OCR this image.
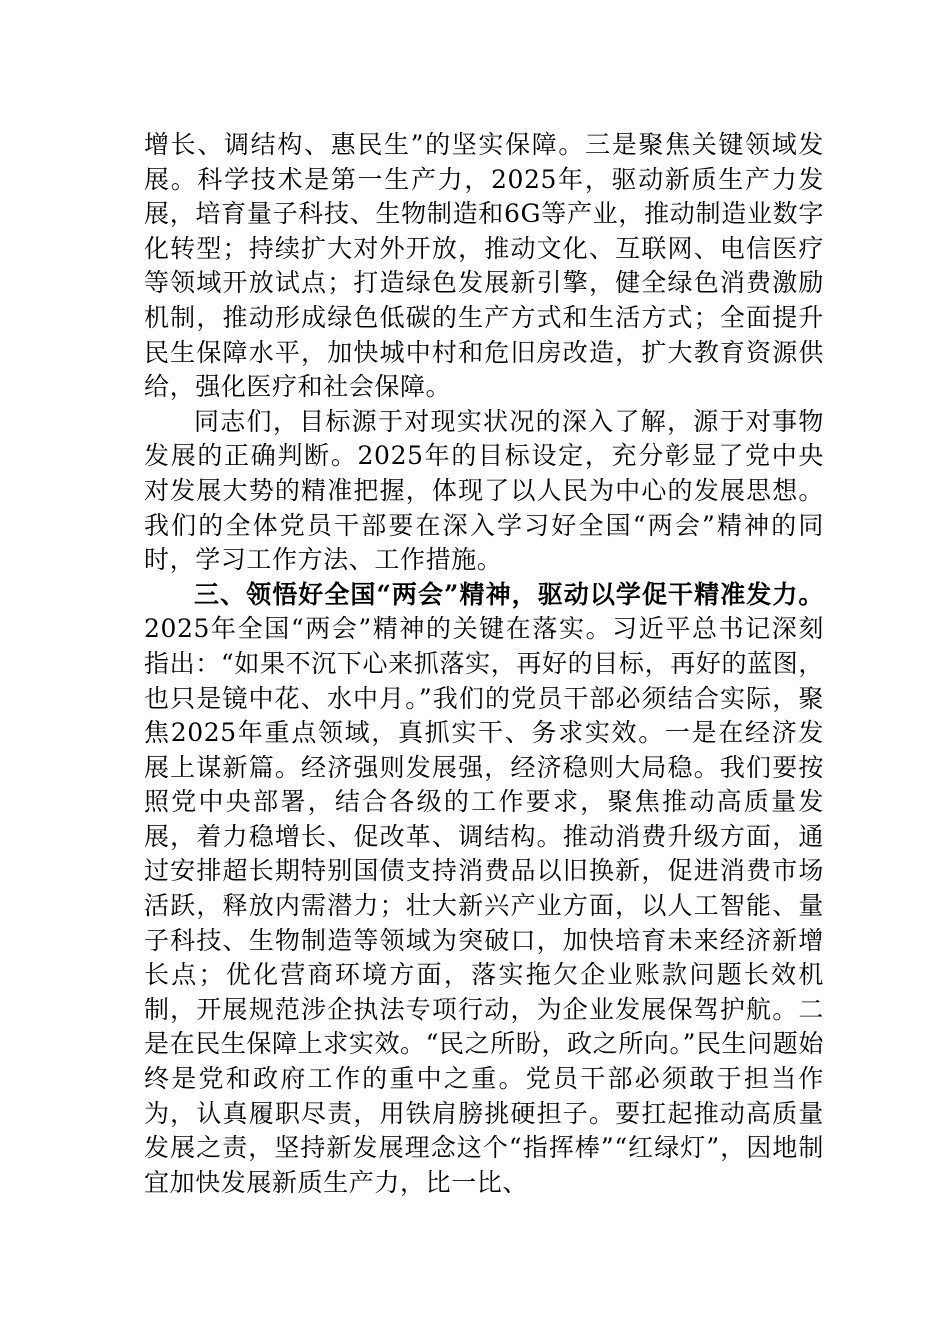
增长、调结构、惠民生”的坚实保障。三是聚焦关键领域发展。科学技术是第一生产力，2025年，驱动新质生产力发展，培育量子科技、生物制造和6G等产业，推动制造业数字化转型；持续扩大对外开放，推动文化、互联网、电信医疗等领域开放试点；打造绿色发展新引擎，健全绿色消费激励机制，推动形成绿色低碳的生产方式和生活方式；全面提升民生保障水平，加快城中村和危旧房改造，扩大教育资源供给，强化医疗和社会保障。

同志们，目标源于对现实状况的深入了解，源于对事物发展的正确判断。2025年的目标设定，充分彰显了党中央对发展大势的精准把握，体现了以人民为中心的发展思想。我们的全体党员干部要在深入学习好全国“两会”精神的同时，学习工作方法、工作措施。

三、领悟好全国“两会”精神，驱动以学促干精准发力。2025年全国“两会”精神的关键在落实。习近平总书记深刻指出：“如果不沉下心来抓落实，再好的目标，再好的蓝图，也只是镜中花、水中月。”我们的党员干部必须结合实际，聚焦2025年重点领域，真抓实干、务求实效。一是在经济发展上谋新篇。经济强则发展强，经济稳则大局稳。我们要按照党中央部署，结合各级的工作要求，聚焦推动高质量发展，着力稳增长、促改革、调结构。推动消费升级方面，通过安排超长期特别国债支持消费品以旧换新，促进消费市场活跃，释放内需潜力；壮大新兴产业方面，以人工智能、量子科技、生物制造等领域为突破口，加快培育未来经济新增长点；优化营商环境方面，落实拖欠企业账款问题长效机制，开展规范涉企执法专项行动，为企业发展保驾护航。二是在民生保障上求实效。“民之所盼，政之所向。”民生问题始终是党和政府工作的重中之重。党员干部必须敢于担当作为，认真履职尽责，用铁肩膀挑硬担子。要扛起推动高质量发展之责，坚持新发展理念这个“指挥棒”“红绿灯”，因地制宜加快发展新质生产力，比一比、
